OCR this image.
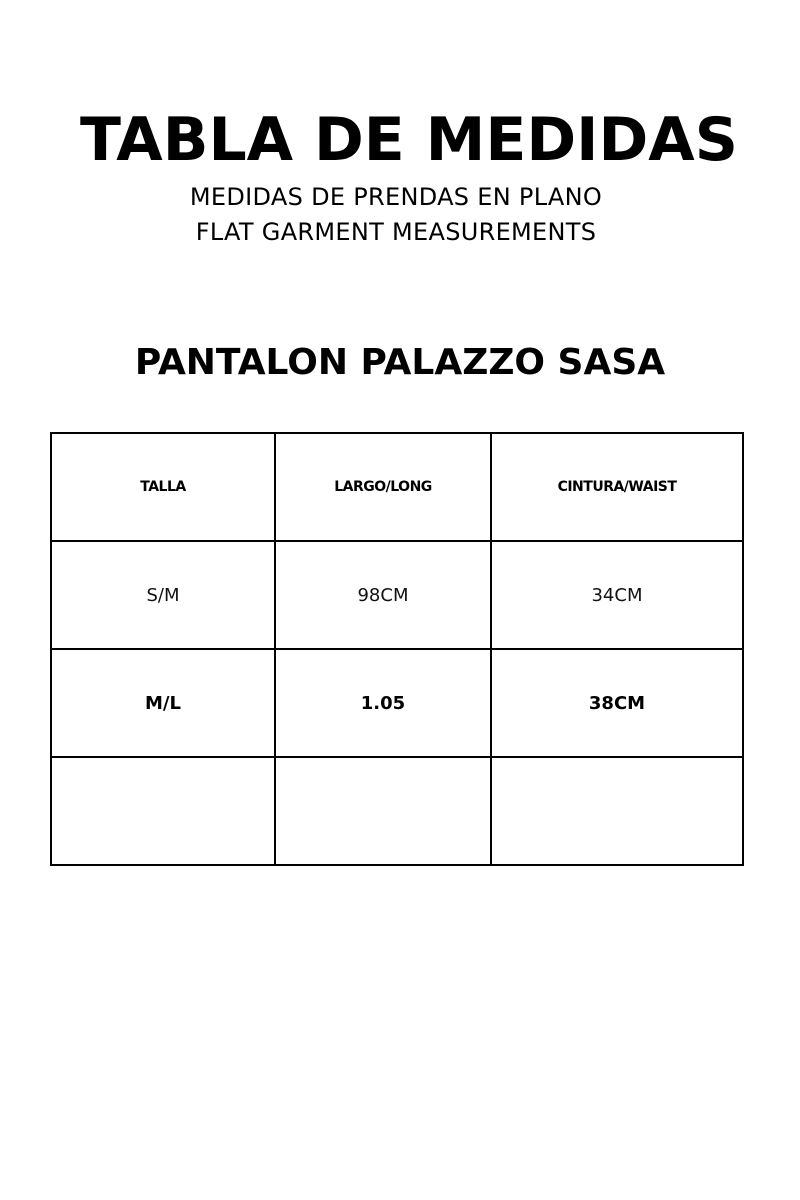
TABLA DE MEDIDAS
MEDIDAS DE PRENDAS EN PLANO
FLAT GARMENT MEASUREMENTS
PANTALON PALAZZO SASA
TALLA	LARGO/LONG	CINTURA/WAIST
S/M	98CM	34CM
M/L	1.05	38CM
